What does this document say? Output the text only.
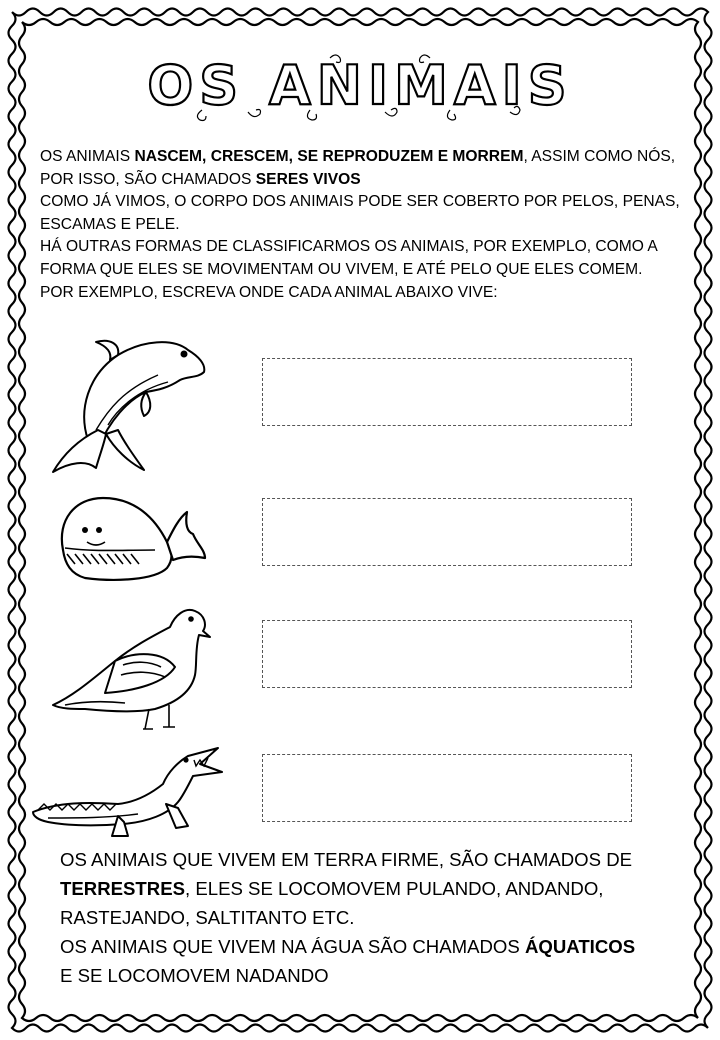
OS ANIMAIS

OS ANIMAIS NASCEM, CRESCEM, SE REPRODUZEM E MORREM, ASSIM COMO NÓS,

POR ISSO, SÃO CHAMADOS SERES VIVOS

COMO JÁ VIMOS, O CORPO DOS ANIMAIS PODE SER COBERTO POR PELOS, PENAS,

ESCAMAS E PELE.

HÁ OUTRAS FORMAS DE CLASSIFICARMOS OS ANIMAIS, POR EXEMPLO, COMO A

FORMA QUE ELES SE MOVIMENTAM OU VIVEM, E ATÉ PELO QUE ELES COMEM.

POR EXEMPLO, ESCREVA ONDE CADA ANIMAL ABAIXO VIVE:

OS ANIMAIS QUE VIVEM EM TERRA FIRME, SÃO CHAMADOS DE

TERRESTRES, ELES SE LOCOMOVEM PULANDO, ANDANDO,

RASTEJANDO, SALTITANTO ETC.

OS ANIMAIS QUE VIVEM NA ÁGUA SÃO CHAMADOS ÁQUATICOS

E SE LOCOMOVEM NADANDO
